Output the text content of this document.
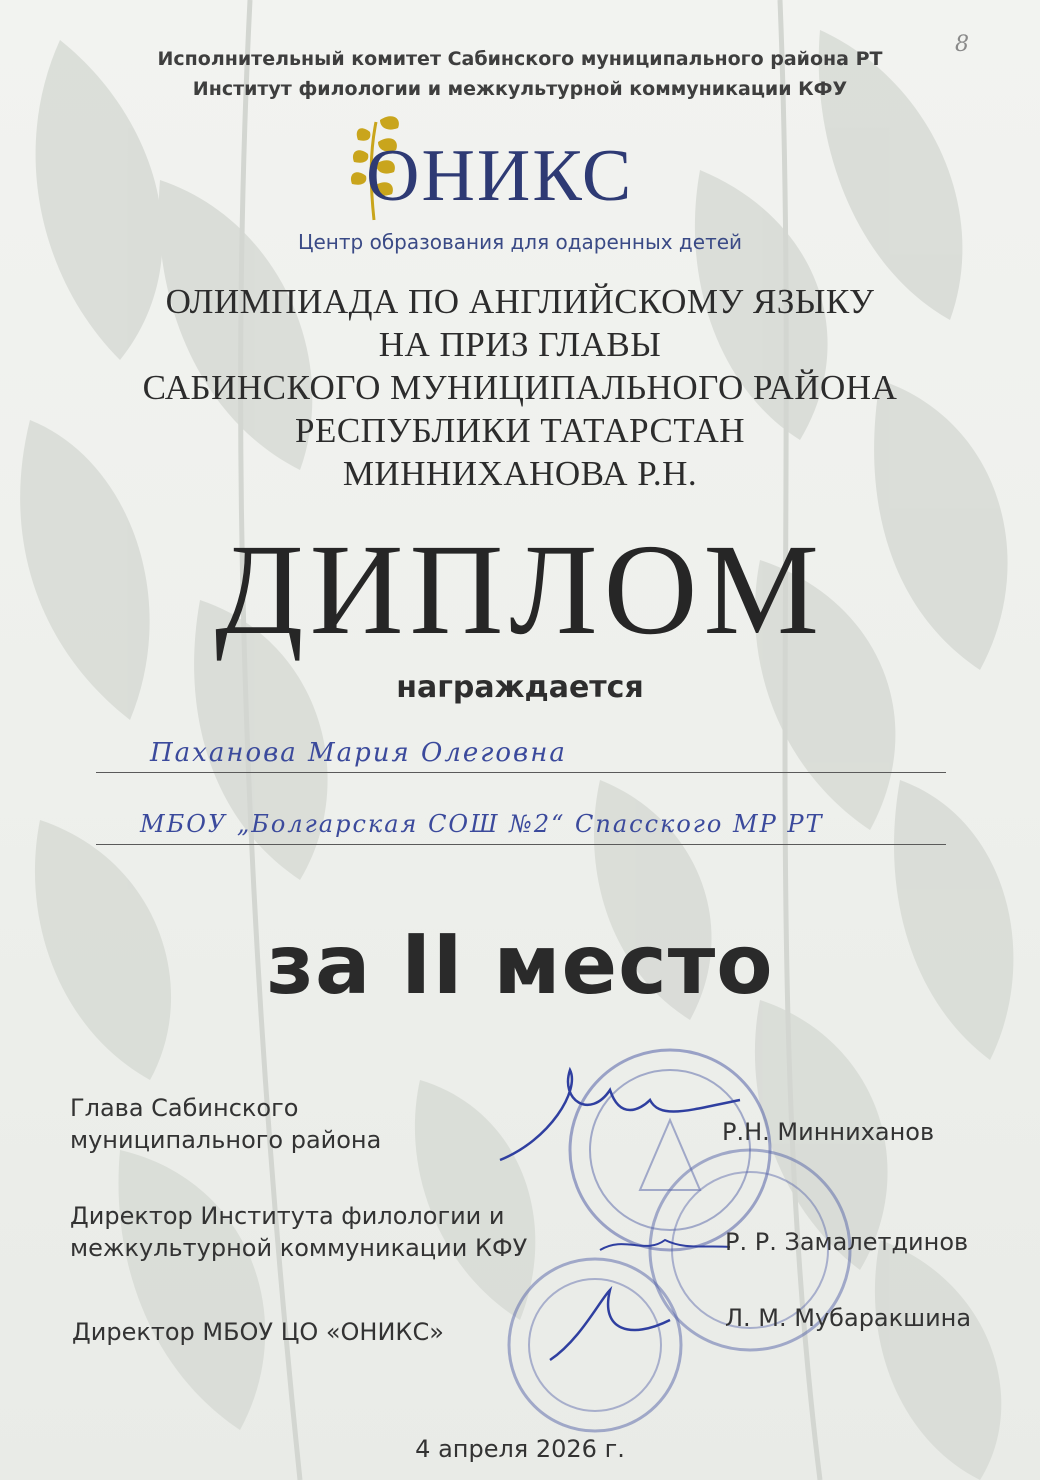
8
Исполнительный комитет Сабинского муниципального района РТ
Институт филологии и межкультурной коммуникации КФУ
ОНИКС
Центр образования для одаренных детей
ОЛИМПИАДА ПО АНГЛИЙСКОМУ ЯЗЫКУ
НА ПРИЗ ГЛАВЫ
САБИНСКОГО МУНИЦИПАЛЬНОГО РАЙОНА
РЕСПУБЛИКИ ТАТАРСТАН
МИННИХАНОВА Р.Н.
ДИПЛОМ
награждается
Паханова Мария Олеговна
МБОУ „Болгарская СОШ №2“ Спасского МР РТ
за II место
Глава Сабинского
муниципального района	Р.Н. Минниханов
Директор Института филологии и
межкультурной коммуникации КФУ	Р. Р. Замалетдинов
Директор МБОУ ЦО «ОНИКС»	Л. М. Мубаракшина
4 апреля 2026 г.
